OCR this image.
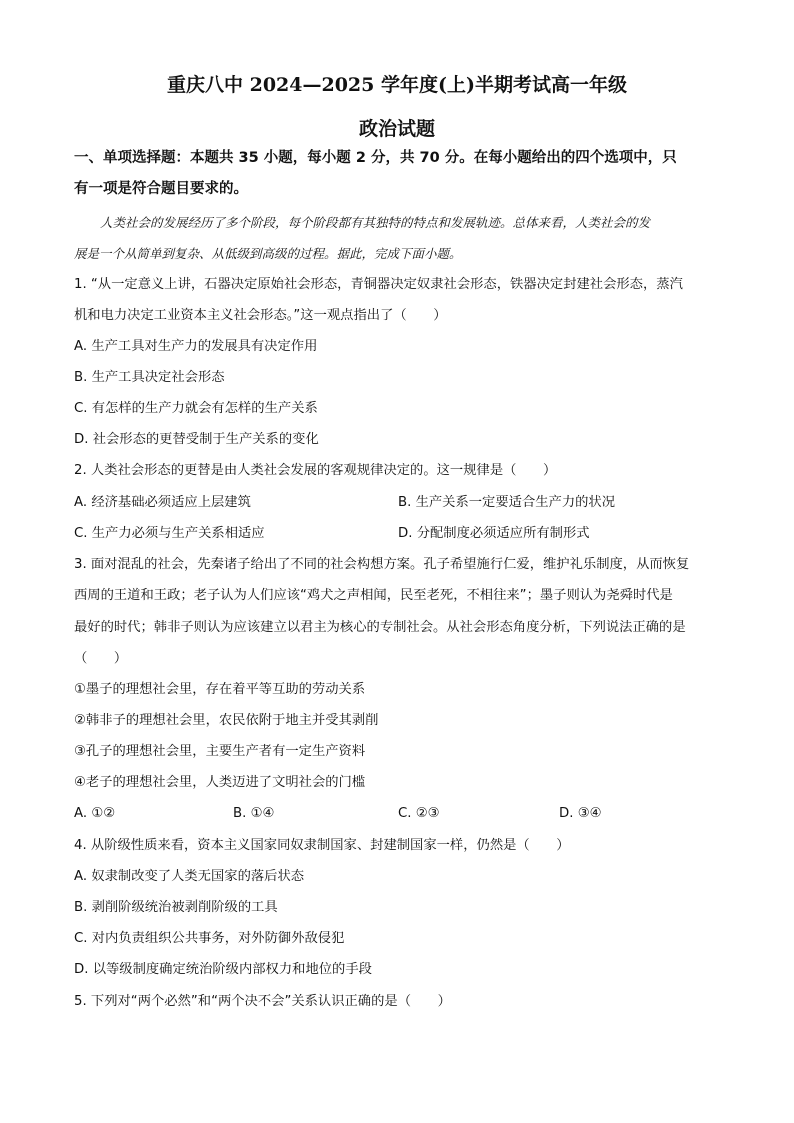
重庆八中 2024—2025 学年度(上)半期考试高一年级
政治试题
一、单项选择题：本题共 35 小题，每小题 2 分，共 70 分。在每小题给出的四个选项中，只
有一项是符合题目要求的。
人类社会的发展经历了多个阶段，每个阶段都有其独特的特点和发展轨迹。总体来看，人类社会的发
展是一个从简单到复杂、从低级到高级的过程。据此，完成下面小题。
1. “从一定意义上讲，石器决定原始社会形态，青铜器决定奴隶社会形态，铁器决定封建社会形态，蒸汽
机和电力决定工业资本主义社会形态。”这一观点指出了（　　）
A. 生产工具对生产力的发展具有决定作用
B. 生产工具决定社会形态
C. 有怎样的生产力就会有怎样的生产关系
D. 社会形态的更替受制于生产关系的变化
2. 人类社会形态的更替是由人类社会发展的客观规律决定的。这一规律是（　　）
A. 经济基础必须适应上层建筑	B. 生产关系一定要适合生产力的状况
C. 生产力必须与生产关系相适应	D. 分配制度必须适应所有制形式
3. 面对混乱的社会，先秦诸子给出了不同的社会构想方案。孔子希望施行仁爱，维护礼乐制度，从而恢复
西周的王道和王政；老子认为人们应该“鸡犬之声相闻，民至老死，不相往来”；墨子则认为尧舜时代是
最好的时代；韩非子则认为应该建立以君主为核心的专制社会。从社会形态角度分析，下列说法正确的是
（　　）
①墨子的理想社会里，存在着平等互助的劳动关系
②韩非子的理想社会里，农民依附于地主并受其剥削
③孔子的理想社会里，主要生产者有一定生产资料
④老子的理想社会里，人类迈进了文明社会的门槛
A. ①②	B. ①④	C. ②③	D. ③④
4. 从阶级性质来看，资本主义国家同奴隶制国家、封建制国家一样，仍然是（　　）
A. 奴隶制改变了人类无国家的落后状态
B. 剥削阶级统治被剥削阶级的工具
C. 对内负责组织公共事务，对外防御外敌侵犯
D. 以等级制度确定统治阶级内部权力和地位的手段
5. 下列对“两个必然”和“两个决不会”关系认识正确的是（　　）
